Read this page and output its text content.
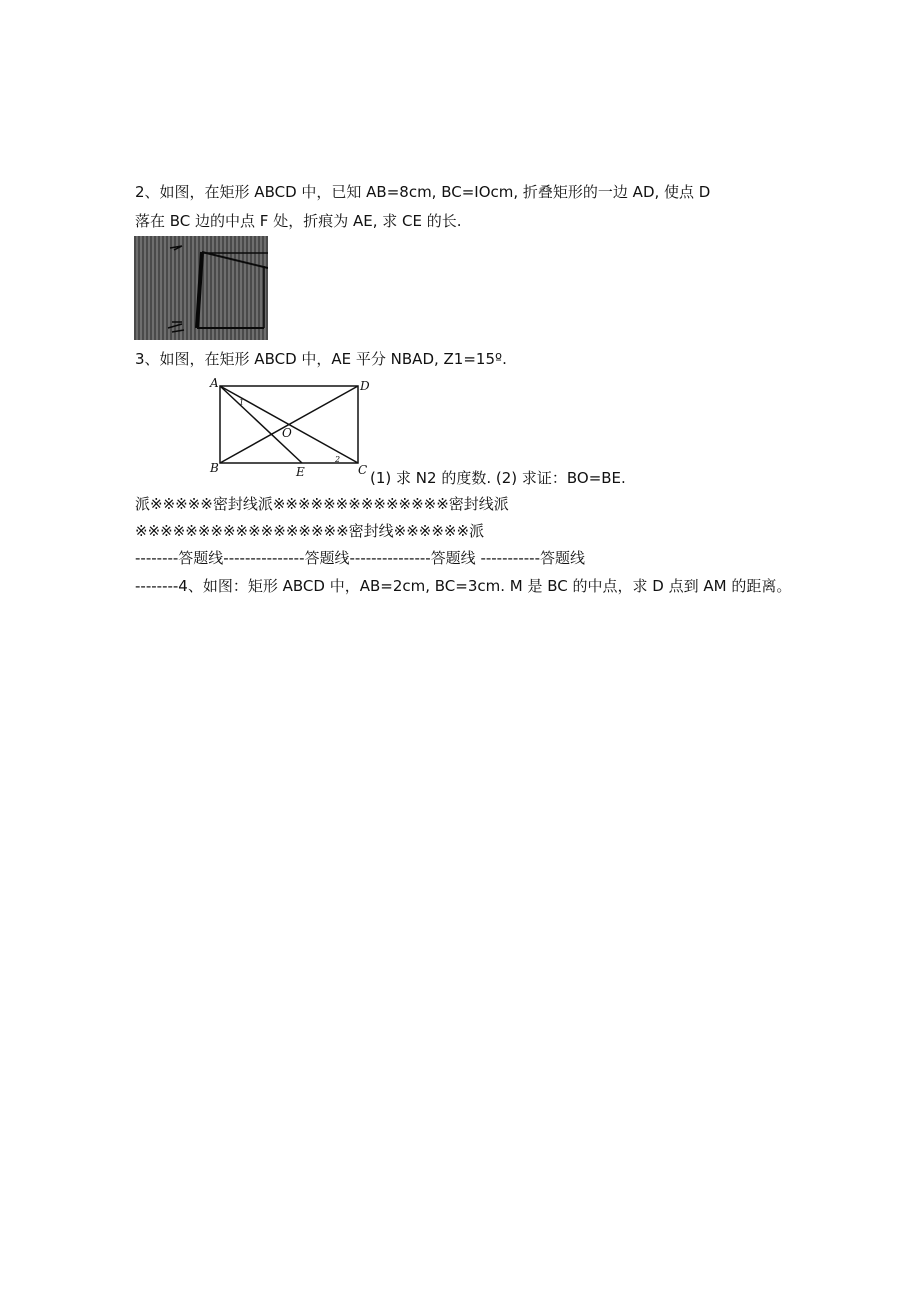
2、如图，在矩形 ABCD 中，已知 AB=8cm, BC=IOcm, 折叠矩形的一边 AD, 使点 D
落在 BC 边的中点 F 处，折痕为 AE, 求 CE 的长.
3、如图，在矩形 ABCD 中，AE 平分 NBAD, Z1=15º.
A	D
B	C
O
E
1
2
(1) 求 N2 的度数. (2) 求证：BO=BE.
派※※※※※密封线派※※※※※※※※※※※※※※密封线派
※※※※※※※※※※※※※※※※※密封线※※※※※※派
--------答题线---------------答题线---------------答题线 -----------答题线
--------4、如图：矩形 ABCD 中，AB=2cm, BC=3cm. M 是 BC 的中点，求 D 点到 AM 的距离。
